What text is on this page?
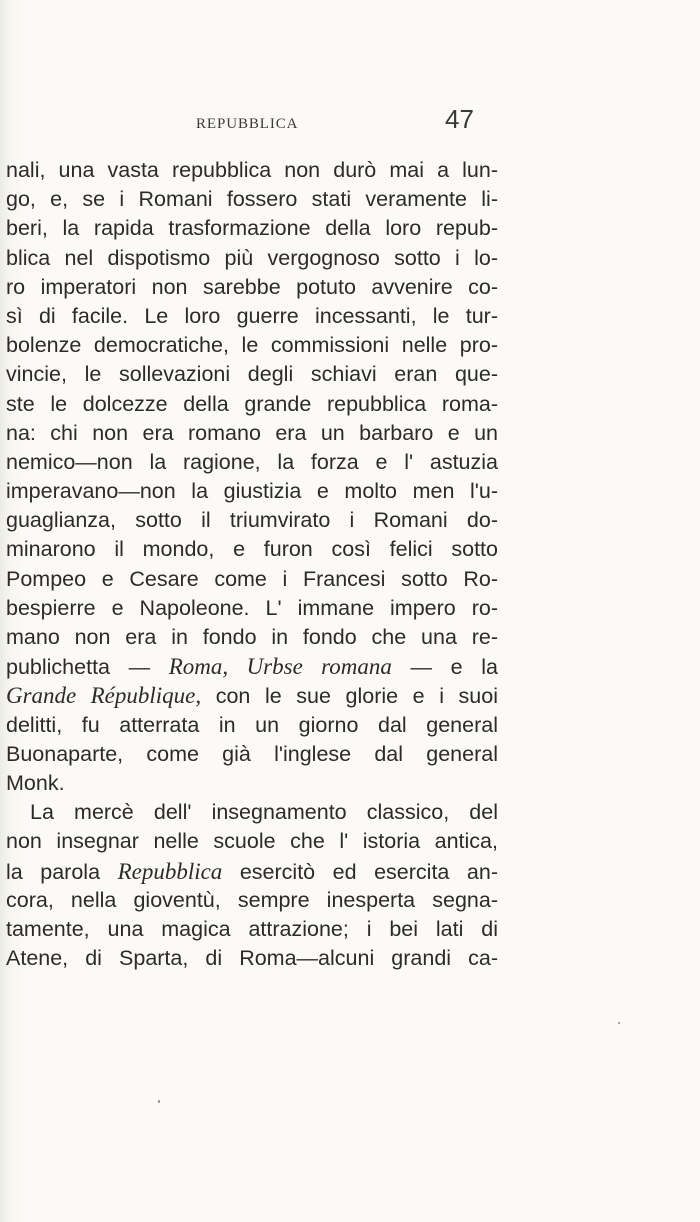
REPUBBLICA	47
nali, una vasta repubblica non durò mai a lun-
go, e, se i Romani fossero stati veramente li-
beri, la rapida trasformazione della loro repub-
blica nel dispotismo più vergognoso sotto i lo-
ro imperatori non sarebbe potuto avvenire co-
sì di facile. Le loro guerre incessanti, le tur-
bolenze democratiche, le commissioni nelle pro-
vincie, le sollevazioni degli schiavi eran que-
ste le dolcezze della grande repubblica roma-
na: chi non era romano era un barbaro e un
nemico—non la ragione, la forza e l' astuzia
imperavano—non la giustizia e molto men l'u-
guaglianza, sotto il triumvirato i Romani do-
minarono il mondo, e furon così felici sotto
Pompeo e Cesare come i Francesi sotto Ro-
bespierre e Napoleone. L' immane impero ro-
mano non era in fondo in fondo che una re-
publichetta — Roma, Urbse romana — e la
Grande République, con le sue glorie e i suoi
delitti, fu atterrata in un giorno dal general
Buonaparte, come già l'inglese dal general
Monk.
La mercè dell' insegnamento classico, del
non insegnar nelle scuole che l' istoria antica,
la parola Repubblica esercitò ed esercita an-
cora, nella gioventù, sempre inesperta segna-
tamente, una magica attrazione; i bei lati di
Atene, di Sparta, di Roma—alcuni grandi ca-
